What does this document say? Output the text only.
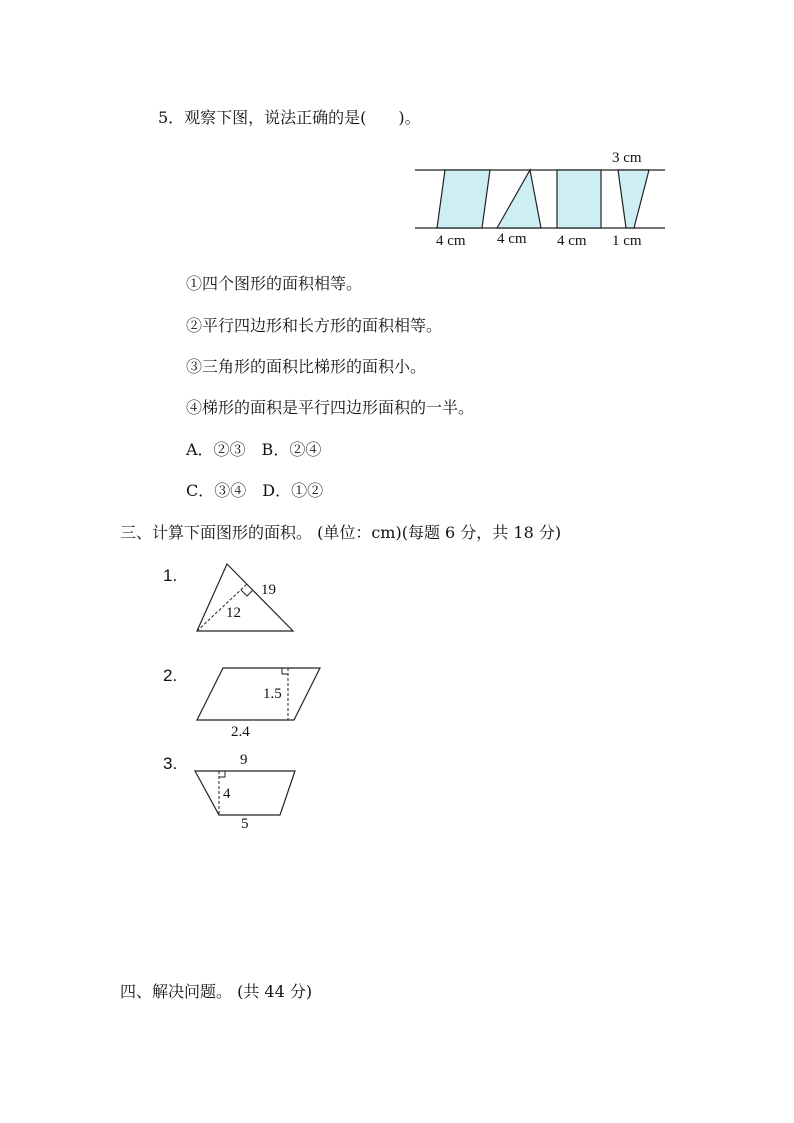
5．观察下图，说法正确的是(　　)。
3 cm
4 cm 4 cm 4 cm 1 cm
①四个图形的面积相等。
②平行四边形和长方形的面积相等。
③三角形的面积比梯形的面积小。
④梯形的面积是平行四边形面积的一半。
A．②③　B．②④
C．③④　D．①②
三、计算下面图形的面积。 (单位：cm)(每题 6 分，共 18 分)
1.
19
12
2.
1.5
2.4
3.	9
4
5
四、解决问题。 (共 44 分)
